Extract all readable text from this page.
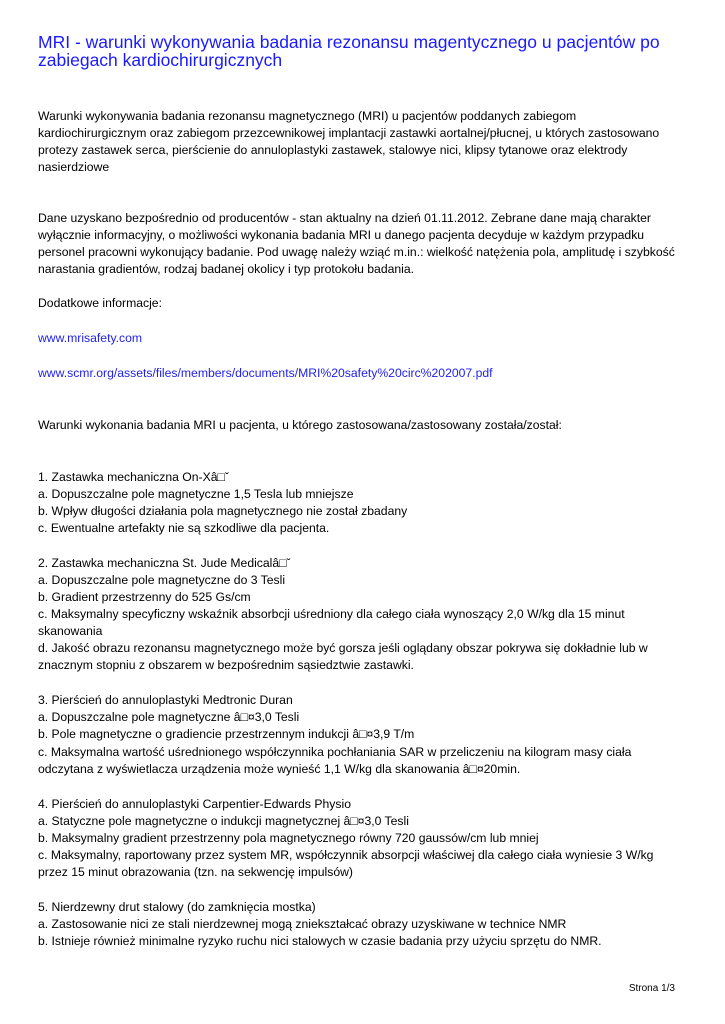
MRI - warunki wykonywania badania rezonansu magentycznego u pacjentów po zabiegach kardiochirurgicznych
Warunki wykonywania badania rezonansu magnetycznego (MRI) u pacjentów poddanych zabiegom
kardiochirurgicznym oraz zabiegom przezcewnikowej implantacji zastawki aortalnej/płucnej, u których zastosowano
protezy zastawek serca, pierścienie do annuloplastyki zastawek, stalowye nici, klipsy tytanowe oraz elektrody
nasierdziowe
Dane uzyskano bezpośrednio od producentów - stan aktualny na dzień 01.11.2012. Zebrane dane mają charakter
wyłącznie informacyjny, o możliwości wykonania badania MRI u danego pacjenta decyduje w każdym przypadku
personel pracowni wykonujący badanie. Pod uwagę należy wziąć m.in.: wielkość natężenia pola, amplitudę i szybkość
narastania gradientów, rodzaj badanej okolicy i typ protokołu badania.
Dodatkowe informacje:
www.mrisafety.com
www.scmr.org/assets/files/members/documents/MRI%20safety%20circ%202007.pdf
Warunki wykonania badania MRI u pacjenta, u którego zastosowana/zastosowany została/został:
1. Zastawka mechaniczna On-Xâ□ˇ
a. Dopuszczalne pole magnetyczne 1,5 Tesla lub mniejsze
b. Wpływ długości działania pola magnetycznego nie został zbadany
c. Ewentualne artefakty nie są szkodliwe dla pacjenta.
2. Zastawka mechaniczna St. Jude Medicalâ□ˇ
a. Dopuszczalne pole magnetyczne do 3 Tesli
b. Gradient przestrzenny do 525 Gs/cm
c. Maksymalny specyficzny wskaźnik absorbcji uśredniony dla całego ciała wynoszący 2,0 W/kg dla 15 minut
skanowania
d. Jakość obrazu rezonansu magnetycznego może być gorsza jeśli oglądany obszar pokrywa się dokładnie lub w
znacznym stopniu z obszarem w bezpośrednim sąsiedztwie zastawki.
3. Pierścień do annuloplastyki Medtronic Duran
a. Dopuszczalne pole magnetyczne â□¤3,0 Tesli
b. Pole magnetyczne o gradiencie przestrzennym indukcji â□¤3,9 T/m
c. Maksymalna wartość uśrednionego współczynnika pochłaniania SAR w przeliczeniu na kilogram masy ciała
odczytana z wyświetlacza urządzenia może wynieść 1,1 W/kg dla skanowania â□¤20min.
4. Pierścień do annuloplastyki Carpentier-Edwards Physio
a. Statyczne pole magnetyczne o indukcji magnetycznej â□¤3,0 Tesli
b. Maksymalny gradient przestrzenny pola magnetycznego równy 720 gaussów/cm lub mniej
c. Maksymalny, raportowany przez system MR, współczynnik absorpcji właściwej dla całego ciała wyniesie 3 W/kg
przez 15 minut obrazowania (tzn. na sekwencję impulsów)
5. Nierdzewny drut stalowy (do zamknięcia mostka)
a. Zastosowanie nici ze stali nierdzewnej mogą zniekształcać obrazy uzyskiwane w technice NMR
b. Istnieje również minimalne ryzyko ruchu nici stalowych w czasie badania przy użyciu sprzętu do NMR.
Strona 1/3
